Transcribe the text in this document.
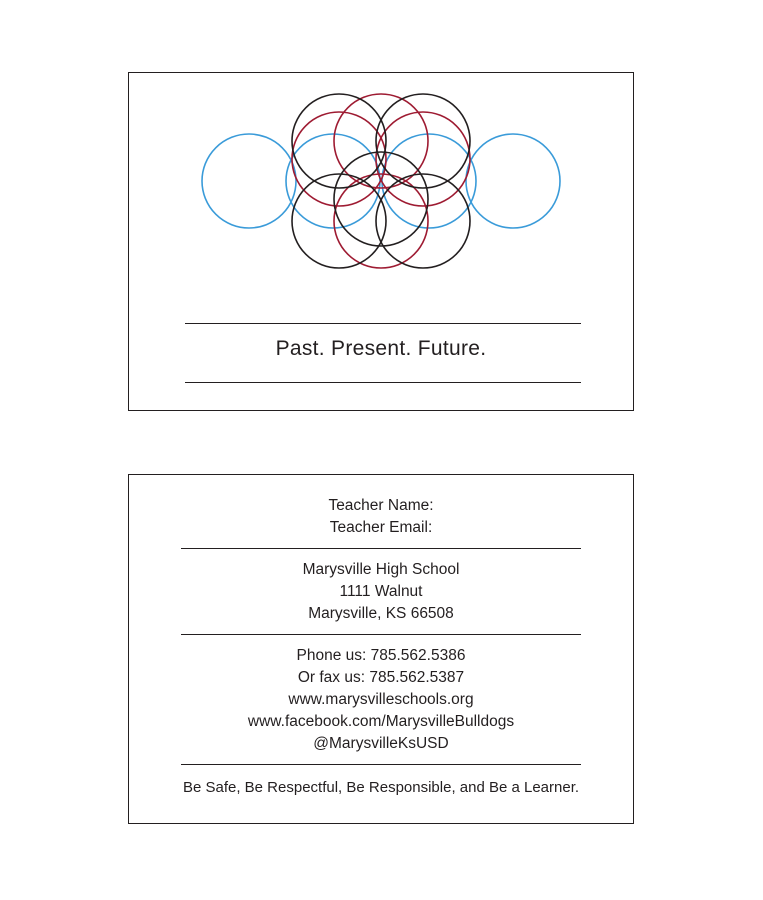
Past. Present. Future.
Teacher Name:
Teacher Email:
Marysville High School
1111 Walnut
Marysville, KS 66508
Phone us: 785.562.5386
Or fax us: 785.562.5387
www.marysvilleschools.org
www.facebook.com/MarysvilleBulldogs
@MarysvilleKsUSD
Be Safe, Be Respectful, Be Responsible, and Be a Learner.
